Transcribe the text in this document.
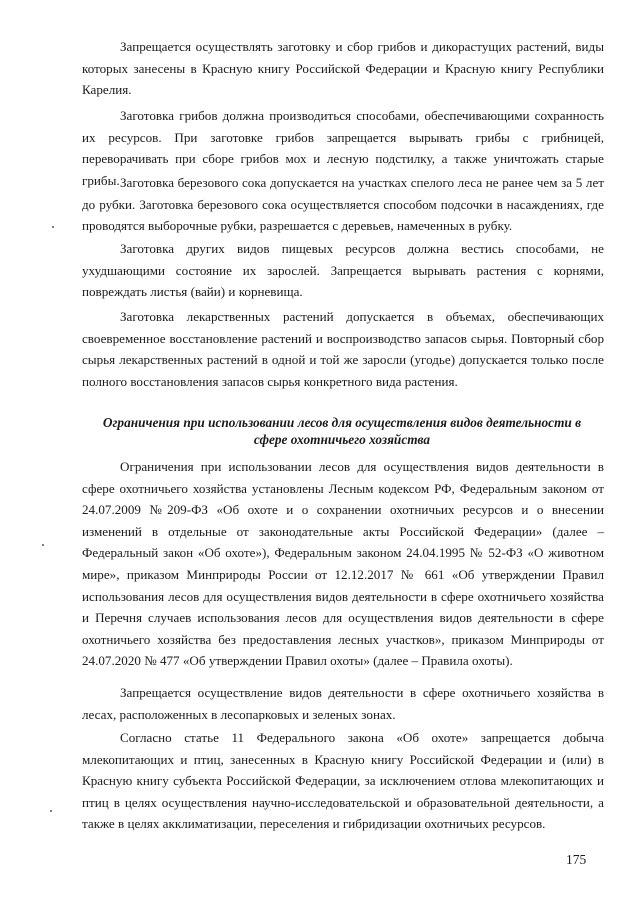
Запрещается осуществлять заготовку и сбор грибов и дикорастущих растений, виды которых занесены в Красную книгу Российской Федерации и Красную книгу Республики Карелия.

Заготовка грибов должна производиться способами, обеспечивающими сохранность их ресурсов. При заготовке грибов запрещается вырывать грибы с грибницей, переворачивать при сборе грибов мох и лесную подстилку, а также уничтожать старые грибы. Заготовка березового сока допускается на участках спелого леса не ранее чем за 5 лет до рубки. Заготовка березового сока осуществляется способом подсочки в насаждениях, где проводятся выборочные рубки, разрешается с деревьев, намеченных в рубку.

Заготовка других видов пищевых ресурсов должна вестись способами, не ухудшающими состояние их зарослей. Запрещается вырывать растения с корнями, повреждать листья (вайи) и корневища.

Заготовка лекарственных растений допускается в объемах, обеспечивающих своевременное восстановление растений и воспроизводство запасов сырья. Повторный сбор сырья лекарственных растений в одной и той же заросли (угодье) допускается только после полного восстановления запасов сырья конкретного вида растения.

Ограничения при использовании лесов для осуществления видов деятельности в сфере охотничьего хозяйства

Ограничения при использовании лесов для осуществления видов деятельности в сфере охотничьего хозяйства установлены Лесным кодексом РФ, Федеральным законом от 24.07.2009 №209-ФЗ «Об охоте и о сохранении охотничьих ресурсов и о внесении изменений в отдельные от законодательные акты Российской Федерации» (далее – Федеральный закон «Об охоте»), Федеральным законом 24.04.1995 № 52-ФЗ «О животном мире», приказом Минприроды России от 12.12.2017 № 661 «Об утверждении Правил использования лесов для осуществления видов деятельности в сфере охотничьего хозяйства и Перечня случаев использования лесов для осуществления видов деятельности в сфере охотничьего хозяйства без предоставления лесных участков», приказом Минприроды от 24.07.2020 № 477 «Об утверждении Правил охоты» (далее – Правила охоты).

Запрещается осуществление видов деятельности в сфере охотничьего хозяйства в лесах, расположенных в лесопарковых и зеленых зонах.

Согласно статье 11 Федерального закона «Об охоте» запрещается добыча млекопитающих и птиц, занесенных в Красную книгу Российской Федерации и (или) в Красную книгу субъекта Российской Федерации, за исключением отлова млекопитающих и птиц в целях осуществления научно-исследовательской и образовательной деятельности, а также в целях акклиматизации, переселения и гибридизации охотничьих ресурсов.

175
